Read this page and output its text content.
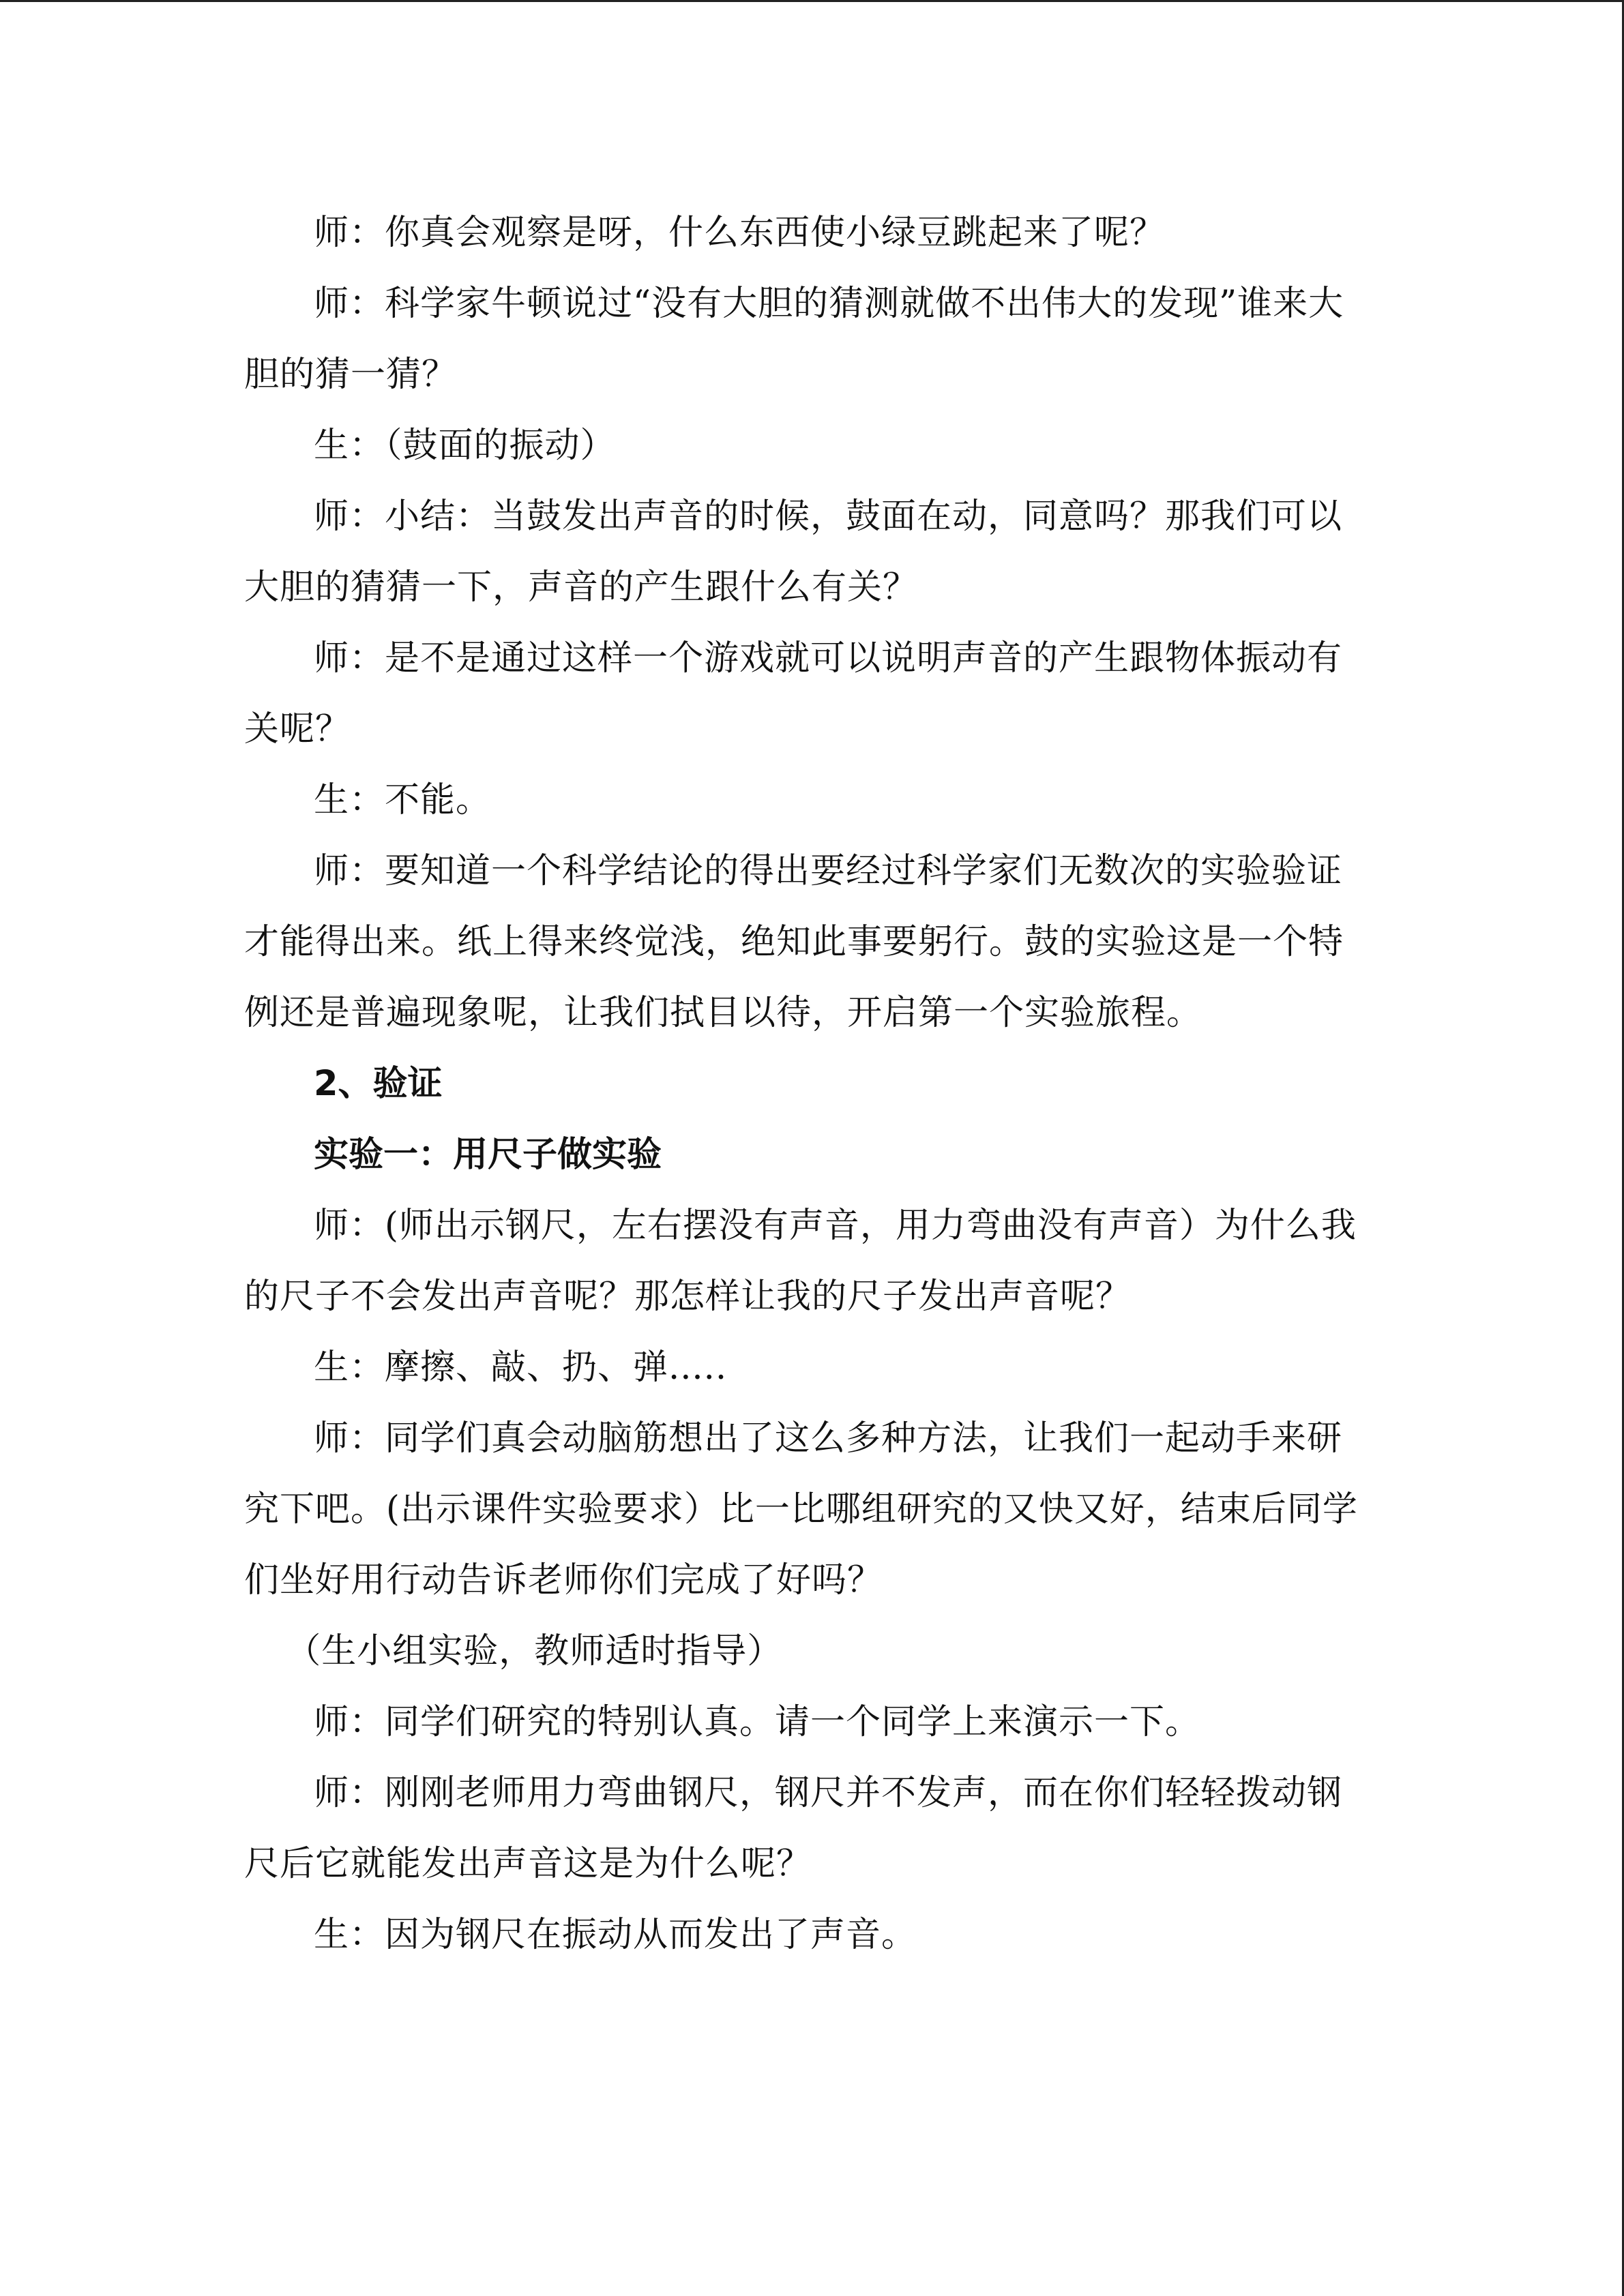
师：你真会观察是呀，什么东西使小绿豆跳起来了呢？

师：科学家牛顿说过“没有大胆的猜测就做不出伟大的发现”谁来大胆的猜一猜？

生：（鼓面的振动）

师：小结：当鼓发出声音的时候，鼓面在动，同意吗？那我们可以大胆的猜猜一下，声音的产生跟什么有关？

师：是不是通过这样一个游戏就可以说明声音的产生跟物体振动有关呢？

生：不能。

师：要知道一个科学结论的得出要经过科学家们无数次的实验验证才能得出来。纸上得来终觉浅，绝知此事要躬行。鼓的实验这是一个特例还是普遍现象呢，让我们拭目以待，开启第一个实验旅程。

2、验证

实验一：用尺子做实验

师：(师出示钢尺，左右摆没有声音，用力弯曲没有声音）为什么我的尺子不会发出声音呢？那怎样让我的尺子发出声音呢？

生：摩擦、敲、扔、弹.....

师：同学们真会动脑筋想出了这么多种方法，让我们一起动手来研究下吧。(出示课件实验要求）比一比哪组研究的又快又好，结束后同学们坐好用行动告诉老师你们完成了好吗？

（生小组实验，教师适时指导）

师：同学们研究的特别认真。请一个同学上来演示一下。

师：刚刚老师用力弯曲钢尺，钢尺并不发声，而在你们轻轻拨动钢尺后它就能发出声音这是为什么呢？

生：因为钢尺在振动从而发出了声音。
